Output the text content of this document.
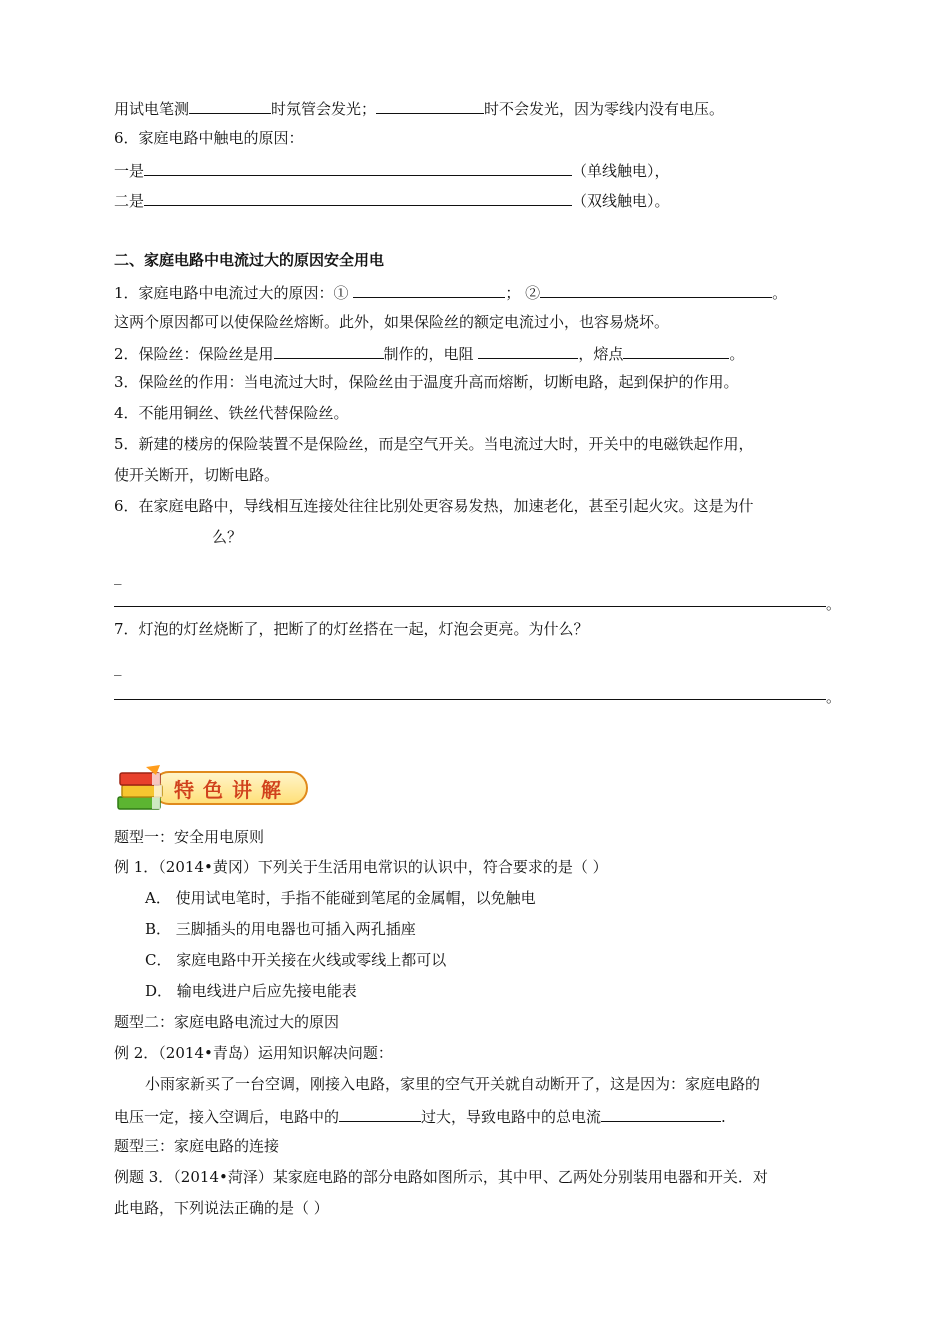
用试电笔测	时氖管会发光；	时不会发光，因为零线内没有电压。
6．家庭电路中触电的原因：
一是	（单线触电），
二是	（双线触电）。
二、家庭电路中电流过大的原因安全用电
1．家庭电路中电流过大的原因：①	； ②	。
这两个原因都可以使保险丝熔断。此外，如果保险丝的额定电流过小，也容易烧坏。
2．保险丝：保险丝是用	制作的，电阻	，熔点	。
3．保险丝的作用：当电流过大时，保险丝由于温度升高而熔断，切断电路，起到保护的作用。
4．不能用铜丝、铁丝代替保险丝。
5．新建的楼房的保险装置不是保险丝，而是空气开关。当电流过大时，开关中的电磁铁起作用，
使开关断开，切断电路。
6．在家庭电路中，导线相互连接处往往比别处更容易发热，加速老化，甚至引起火灾。这是为什
么？
_
。
7．灯泡的灯丝烧断了，把断了的灯丝搭在一起，灯泡会更亮。为什么？
_
。
特色讲解
题型一：安全用电原则
例 1．（2014•黄冈）下列关于生活用电常识的认识中，符合要求的是（ ）
A． 使用试电笔时，手指不能碰到笔尾的金属帽，以免触电
B． 三脚插头的用电器也可插入两孔插座
C． 家庭电路中开关接在火线或零线上都可以
D． 输电线进户后应先接电能表
题型二：家庭电路电流过大的原因
例 2．（2014•青岛）运用知识解决问题：
小雨家新买了一台空调，刚接入电路，家里的空气开关就自动断开了，这是因为：家庭电路的
电压一定，接入空调后，电路中的	过大，导致电路中的总电流	.
题型三：家庭电路的连接
例题 3．（2014•菏泽）某家庭电路的部分电路如图所示，其中甲、乙两处分别装用电器和开关．对
此电路，下列说法正确的是（ ）
